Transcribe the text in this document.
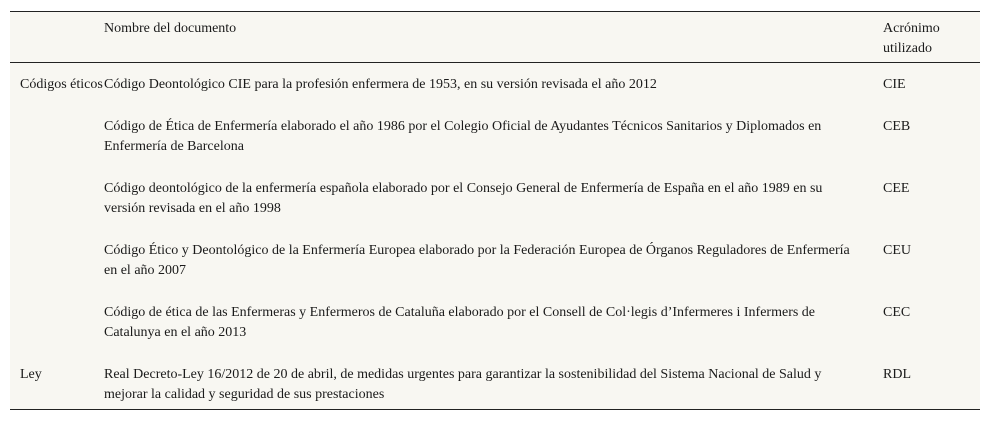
	Nombre del documento	Acrónimo utilizado
Códigos éticos	Código Deontológico CIE para la profesión enfermera de 1953, en su versión revisada el año 2012	CIE
	Código de Ética de Enfermería elaborado el año 1986 por el Colegio Oficial de Ayudantes Técnicos Sanitarios y Diplomados en Enfermería de Barcelona	CEB
	Código deontológico de la enfermería española elaborado por el Consejo General de Enfermería de España en el año 1989 en su versión revisada en el año 1998	CEE
	Código Ético y Deontológico de la Enfermería Europea elaborado por la Federación Europea de Órganos Reguladores de Enfermería en el año 2007	CEU
	Código de ética de las Enfermeras y Enfermeros de Cataluña elaborado por el Consell de Col·legis d’Infermeres i Infermers de Catalunya en el año 2013	CEC
Ley	Real Decreto-Ley 16/2012 de 20 de abril, de medidas urgentes para garantizar la sostenibilidad del Sistema Nacional de Salud y mejorar la calidad y seguridad de sus prestaciones	RDL
